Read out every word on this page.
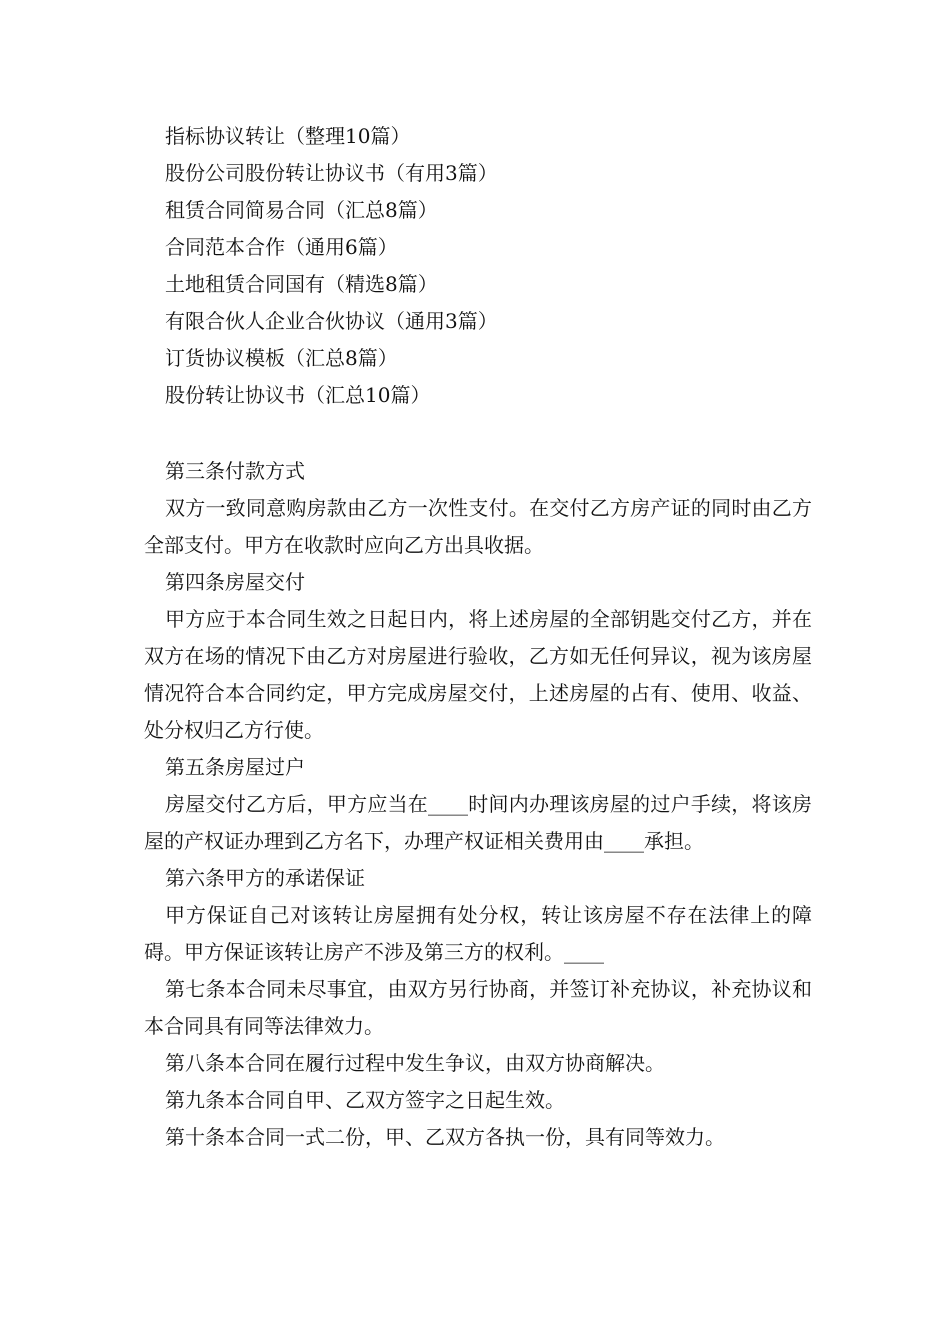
指标协议转让（整理10篇）
股份公司股份转让协议书（有用3篇）
租赁合同简易合同（汇总8篇）
合同范本合作（通用6篇）
土地租赁合同国有（精选8篇）
有限合伙人企业合伙协议（通用3篇）
订货协议模板（汇总8篇）
股份转让协议书（汇总10篇）

第三条付款方式

双方一致同意购房款由乙方一次性支付。在交付乙方房产证的同时由乙方全部支付。甲方在收款时应向乙方出具收据。

第四条房屋交付

甲方应于本合同生效之日起日内，将上述房屋的全部钥匙交付乙方，并在双方在场的情况下由乙方对房屋进行验收，乙方如无任何异议，视为该房屋情况符合本合同约定，甲方完成房屋交付，上述房屋的占有、使用、收益、处分权归乙方行使。

第五条房屋过户

房屋交付乙方后，甲方应当在____时间内办理该房屋的过户手续，将该房屋的产权证办理到乙方名下，办理产权证相关费用由____承担。

第六条甲方的承诺保证

甲方保证自己对该转让房屋拥有处分权，转让该房屋不存在法律上的障碍。甲方保证该转让房产不涉及第三方的权利。____

第七条本合同未尽事宜，由双方另行协商，并签订补充协议，补充协议和本合同具有同等法律效力。

第八条本合同在履行过程中发生争议，由双方协商解决。

第九条本合同自甲、乙双方签字之日起生效。

第十条本合同一式二份，甲、乙双方各执一份，具有同等效力。
